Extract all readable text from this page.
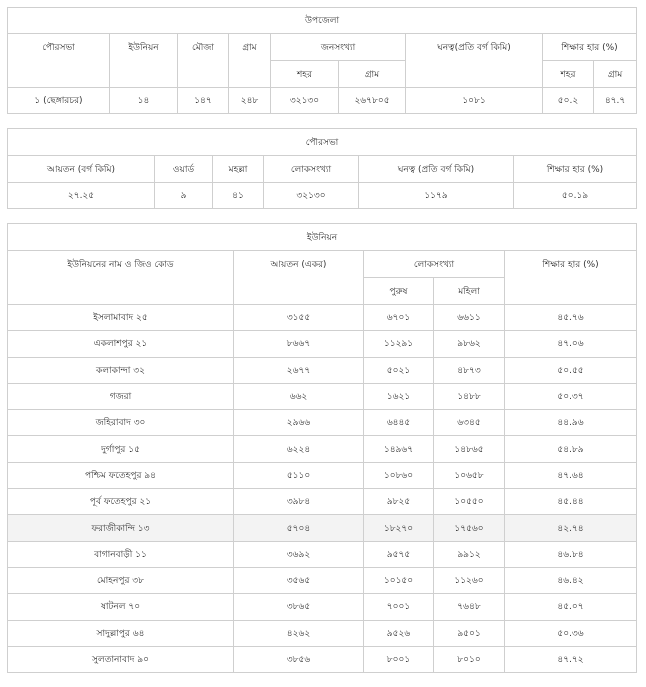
উপজেলা								
পৌরসভা	ইউনিয়ন	মৌজা	গ্রাম	জনসংখ্যা		ঘনত্ব(প্রতি বর্গ কিমি)	শিক্ষার হার (%)	
				শহর	গ্রাম		শহর	গ্রাম
১ (ছেঙ্গারচর)	১৪	১৪৭	২৪৮	৩২১৩০	২৬৭৮০৫	১০৮১	৫০.২	৪৭.৭
পৌরসভা					
আয়তন (বর্গ কিমি)	ওয়ার্ড	মহল্লা	লোকসংখ্যা	ঘনত্ব (প্রতি বর্গ কিমি)	শিক্ষার হার (%)
২৭.২৫	৯	৪১	৩২১৩০	১১৭৯	৫০.১৯
ইউনিয়ন				
ইউনিয়নের নাম ও জিও কোড	আয়তন (একর)	লোকসংখ্যা		শিক্ষার হার (%)
		পুরুষ	মহিলা	
ইসলামাবাদ ২৫	৩১৫৫	৬৭০১	৬৬১১	৪৫.৭৬
একলাশপুর ২১	৮৬৬৭	১১২৯১	৯৮৬২	৪৭.০৬
কলাকান্দা ৩২	২৬৭৭	৫০২১	৪৮৭৩	৫০.৫৫
গজরা	৬৬২	১৬২১	১৪৮৮	৫০.৩৭
জহিরাবাদ ৩০	২৯৬৬	৬৪৪৫	৬৩৪৫	৪৪.৯৬
দুর্গাপুর ১৫	৬২২৪	১৪৯৬৭	১৪৮৬৫	৫৪.৮৯
পশ্চিম ফতেহপুর ৯৪	৫১১০	১০৮৬০	১০৬৫৮	৪৭.৬৪
পূর্ব ফতেহপুর ২১	৩৯৮৪	৯৮২৫	১০৫৫০	৪৫.৪৪
ফরাজীকান্দি ১৩	৫৭০৪	১৮২৭০	১৭৫৬০	৪২.৭৪
বাগানবাড়ী ১১	৩৬৯২	৯৫৭৫	৯৯১২	৪৬.৮৪
মোহনপুর ৩৮	৩৫৬৫	১০১৫০	১১২৬০	৪৬.৪২
ষাটনল ৭০	৩৮৬৫	৭০০১	৭৬৪৮	৪৫.০৭
সাদুল্লাপুর ৬৪	৪২৬২	৯৫২৬	৯৫০১	৫০.৩৬
সুলতানাবাদ ৯০	৩৮৫৬	৮০০১	৮০১০	৪৭.৭২
